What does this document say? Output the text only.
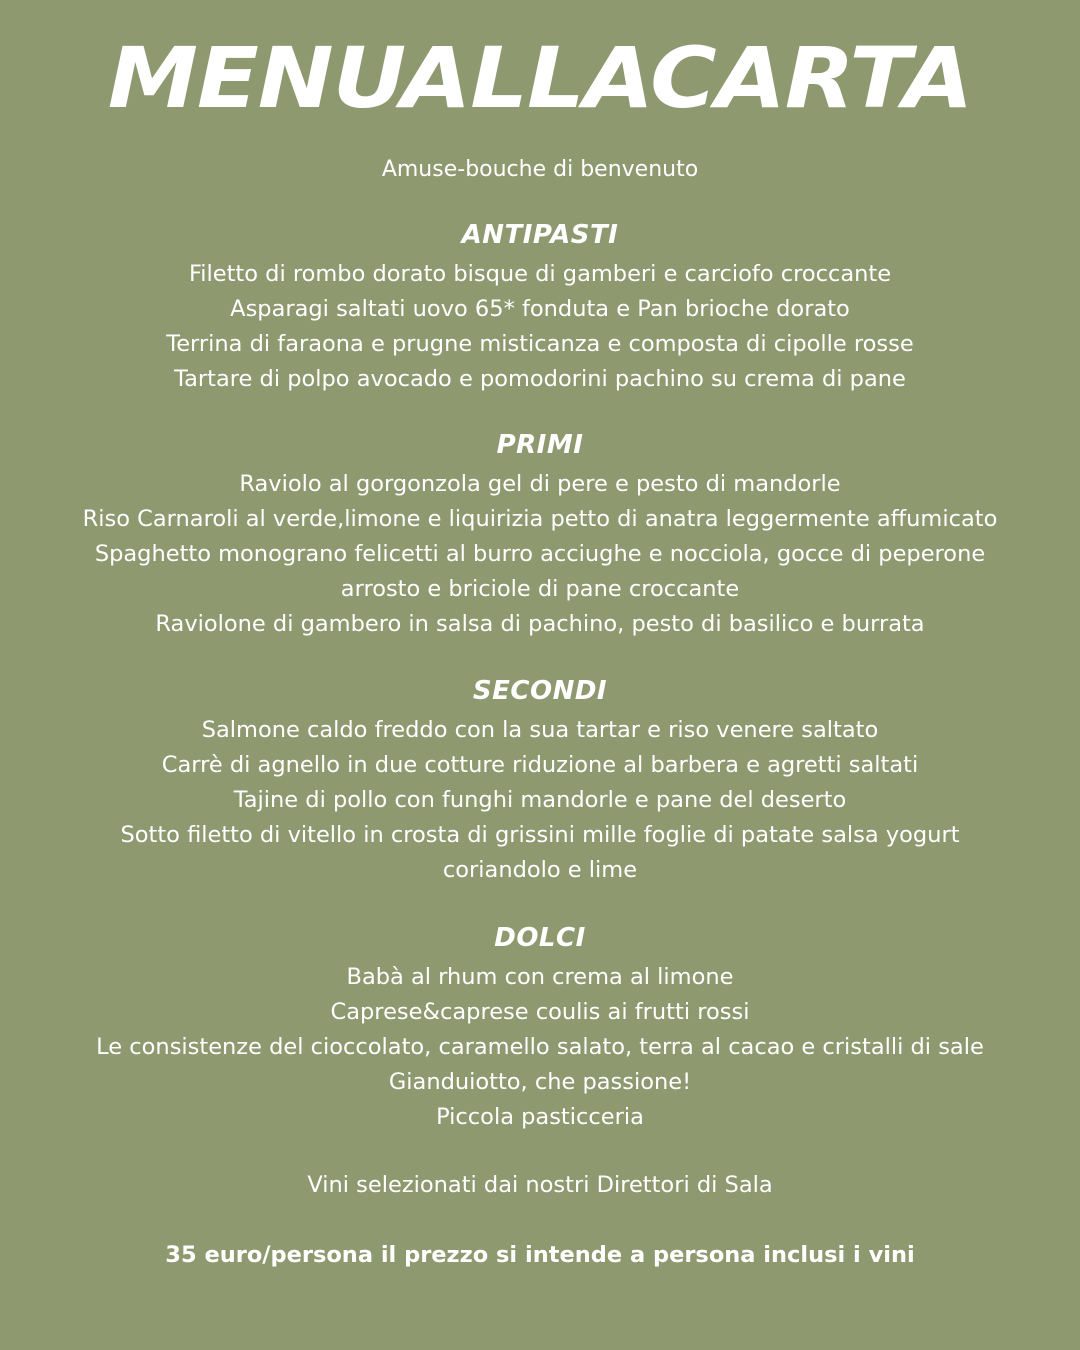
MENUALLACARTA
Amuse-bouche di benvenuto
ANTIPASTI

Filetto di rombo dorato bisque di gamberi e carciofo croccante

Asparagi saltati uovo 65* fonduta e Pan brioche dorato

Terrina di faraona e prugne misticanza e composta di cipolle rosse

Tartare di polpo avocado e pomodorini pachino su crema di pane

PRIMI

Raviolo al gorgonzola gel di pere e pesto di mandorle

Riso Carnaroli al verde,limone e liquirizia petto di anatra leggermente affumicato

Spaghetto monograno felicetti al burro acciughe e nocciola, gocce di peperone

arrosto e briciole di pane croccante

Raviolone di gambero in salsa di pachino, pesto di basilico e burrata

SECONDI

Salmone caldo freddo con la sua tartar e riso venere saltato

Carrè di agnello in due cotture riduzione al barbera e agretti saltati

Tajine di pollo con funghi mandorle e pane del deserto

Sotto filetto di vitello in crosta di grissini mille foglie di patate salsa yogurt

coriandolo e lime

DOLCI

Babà al rhum con crema al limone

Caprese&caprese coulis ai frutti rossi

Le consistenze del cioccolato, caramello salato, terra al cacao e cristalli di sale

Gianduiotto, che passione!

Piccola pasticceria

Vini selezionati dai nostri Direttori di Sala
35 euro/persona il prezzo si intende a persona inclusi i vini
